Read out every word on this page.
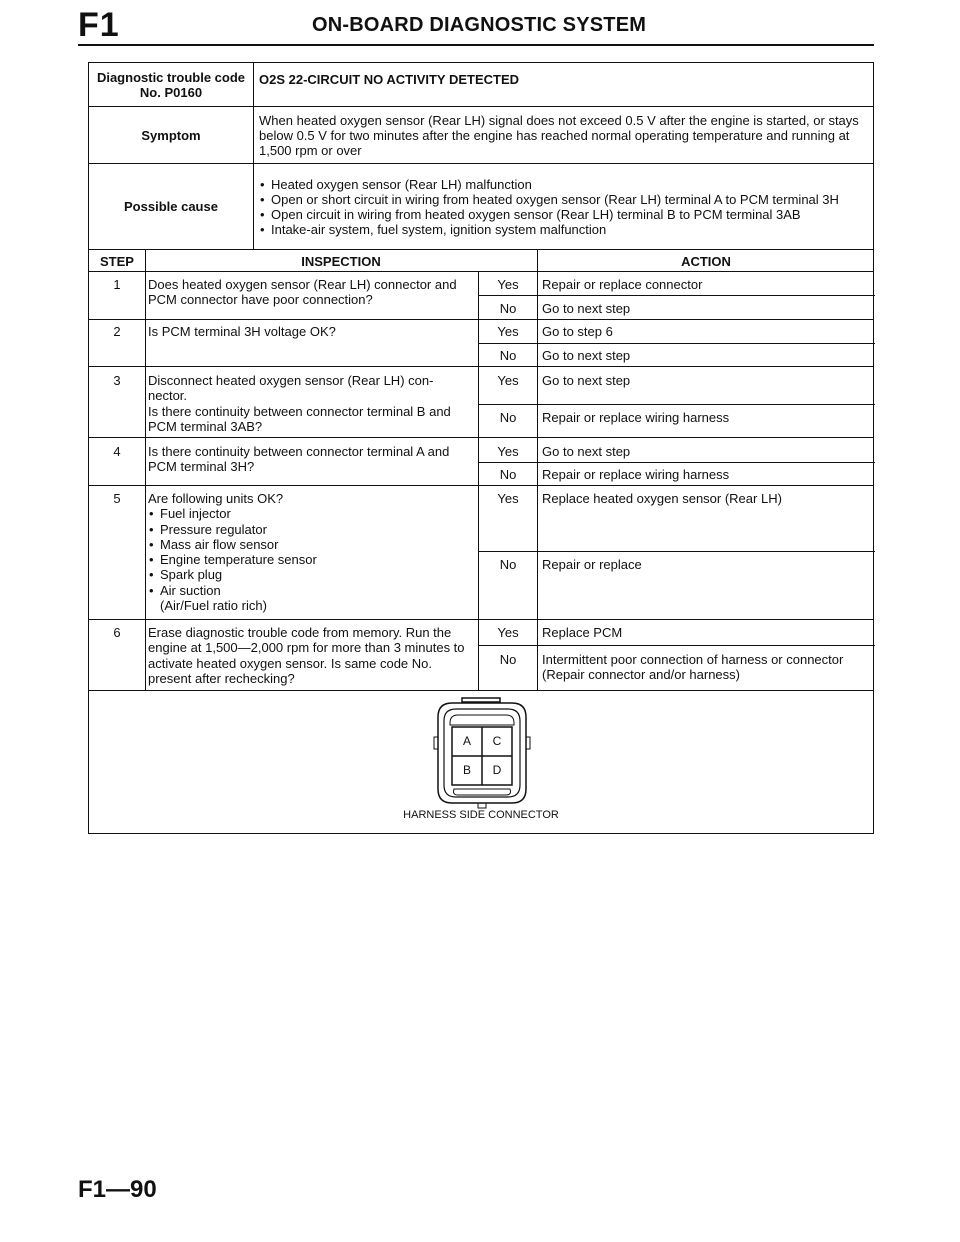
F1	ON-BOARD DIAGNOSTIC SYSTEM
Diagnostic trouble code No. P0160
O2S 22-CIRCUIT NO ACTIVITY DETECTED
Symptom
When heated oxygen sensor (Rear LH) signal does not exceed 0.5 V after the engine is started, or stays below 0.5 V for two minutes after the engine has reached normal operating temperature and running at 1,500 rpm or over
Possible cause
• Heated oxygen sensor (Rear LH) malfunction
• Open or short circuit in wiring from heated oxygen sensor (Rear LH) terminal A to PCM terminal 3H
• Open circuit in wiring from heated oxygen sensor (Rear LH) terminal B to PCM terminal 3AB
• Intake-air system, fuel system, ignition system malfunction
STEP	INSPECTION	ACTION
1	Does heated oxygen sensor (Rear LH) connector and PCM connector have poor connection?
Yes	Repair or replace connector
No	Go to next step
2	Is PCM terminal 3H voltage OK?	Yes	Go to step 6
No	Go to next step
3	Disconnect heated oxygen sensor (Rear LH) con- nector.
Is there continuity between connector terminal B and PCM terminal 3AB?
Yes	Go to next step
No	Repair or replace wiring harness
4	Is there continuity between connector terminal A and PCM terminal 3H?
Yes	Go to next step
No	Repair or replace wiring harness
5	Are following units OK?
• Fuel injector
• Pressure regulator
• Mass air flow sensor
• Engine temperature sensor
• Spark plug
• Air suction
(Air/Fuel ratio rich)
Yes	Replace heated oxygen sensor (Rear LH)
No	Repair or replace
6	Erase diagnostic trouble code from memory. Run the engine at 1,500—2,000 rpm for more than 3 minutes to activate heated oxygen sensor. Is same code No. present after rechecking?
Yes	Replace PCM
No	Intermittent poor connection of harness or connector (Repair connector and/or harness)
A	C
B	D
HARNESS SIDE CONNECTOR
F1—90
